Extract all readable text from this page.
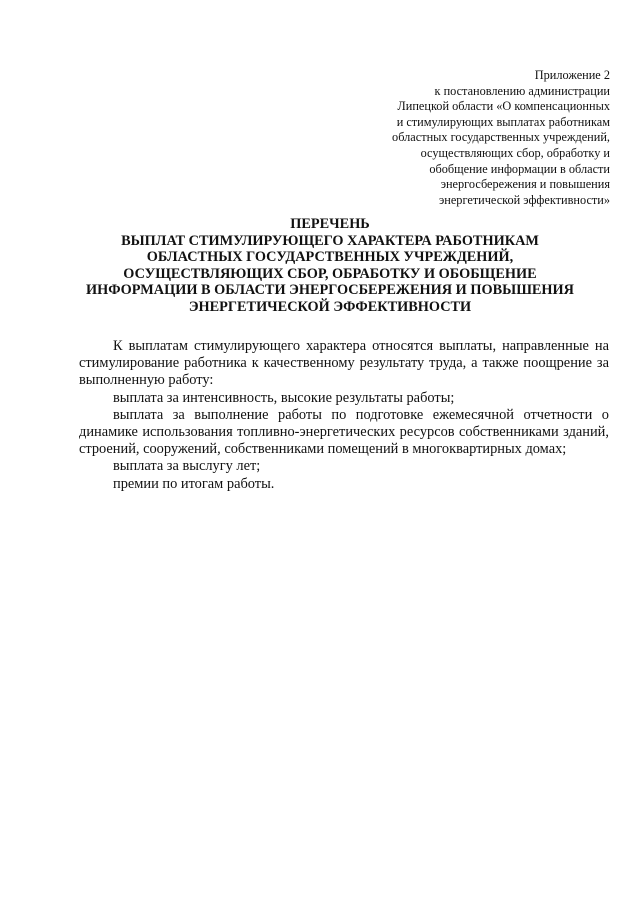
Приложение 2
к постановлению администрации
Липецкой области «О компенсационных
и стимулирующих выплатах работникам
областных государственных учреждений,
осуществляющих сбор, обработку и
обобщение информации в области
энергосбережения и повышения
энергетической эффективности»
ПЕРЕЧЕНЬ
ВЫПЛАТ СТИМУЛИРУЮЩЕГО ХАРАКТЕРА РАБОТНИКАМ
ОБЛАСТНЫХ ГОСУДАРСТВЕННЫХ УЧРЕЖДЕНИЙ,
ОСУЩЕСТВЛЯЮЩИХ СБОР, ОБРАБОТКУ И ОБОБЩЕНИЕ
ИНФОРМАЦИИ В ОБЛАСТИ ЭНЕРГОСБЕРЕЖЕНИЯ И ПОВЫШЕНИЯ
ЭНЕРГЕТИЧЕСКОЙ ЭФФЕКТИВНОСТИ

К выплатам стимулирующего характера относятся выплаты, направленные на стимулирование работника к качественному результату труда, а также поощрение за выполненную работу:

выплата за интенсивность, высокие результаты работы;

выплата за выполнение работы по подготовке ежемесячной отчетности о динамике использования топливно-энергетических ресурсов собственниками зданий, строений, сооружений, собственниками помещений в многоквартирных домах;

выплата за выслугу лет;

премии по итогам работы.
